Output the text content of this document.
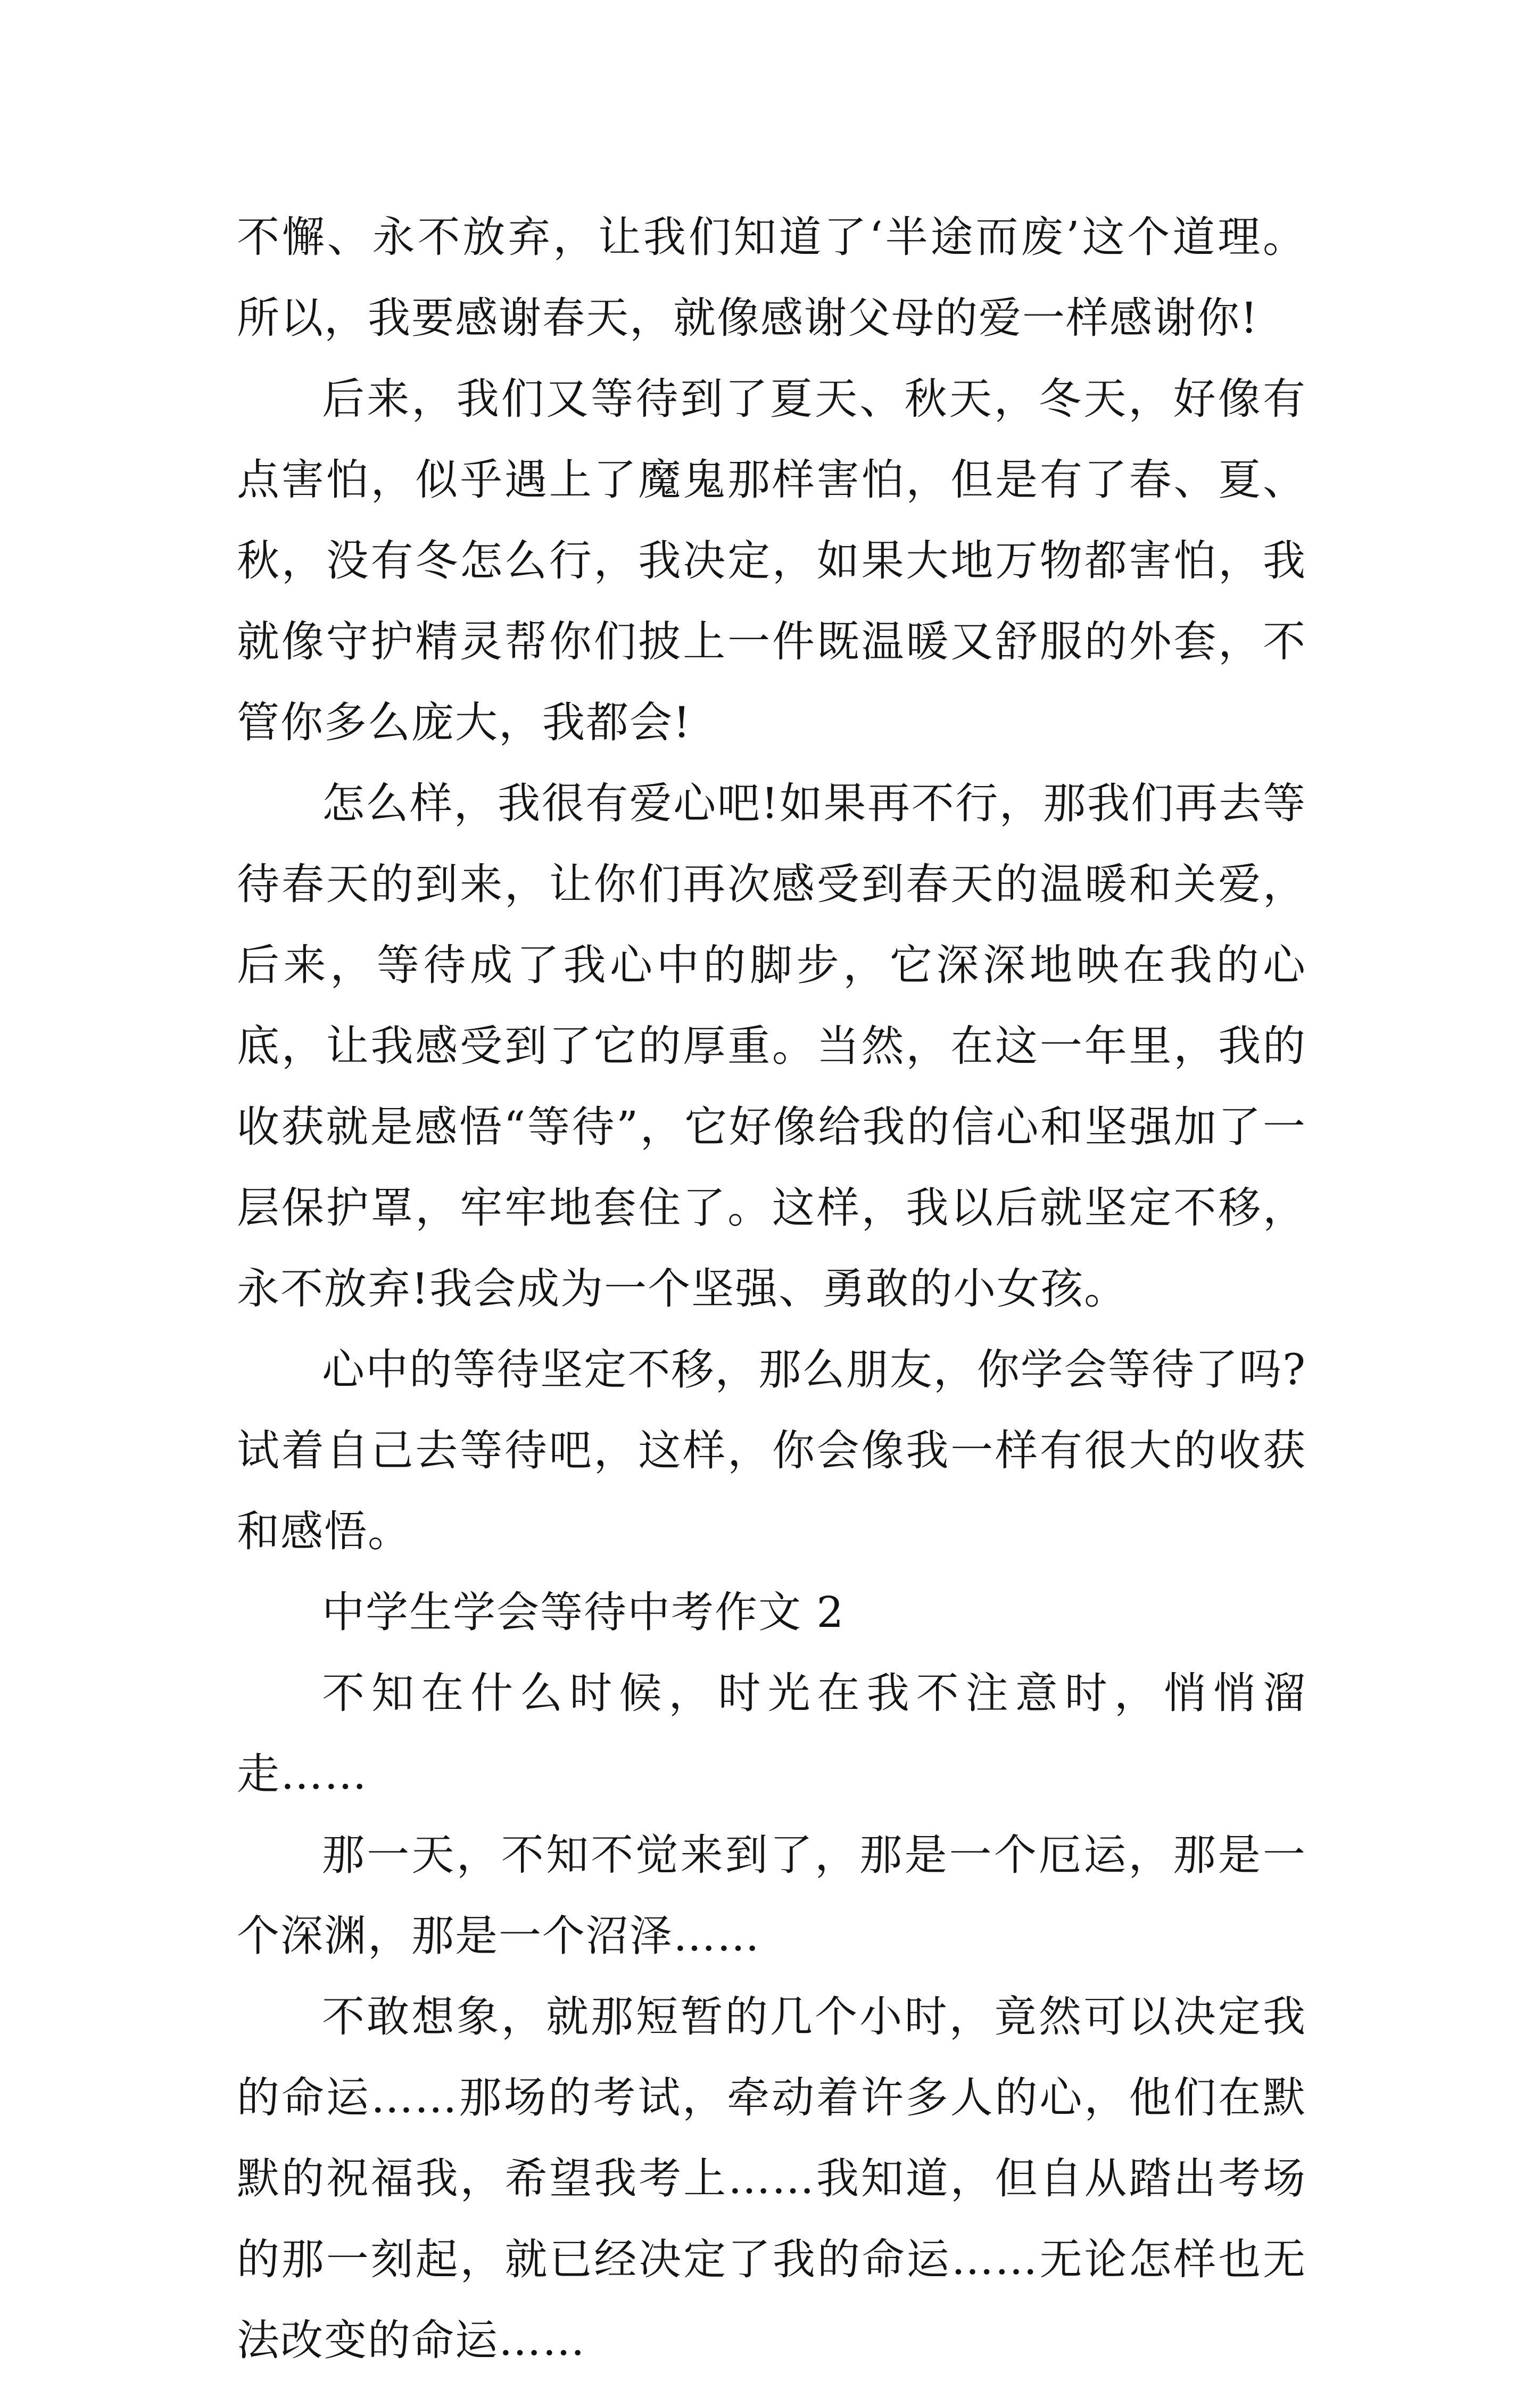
不懈、永不放弃，让我们知道了‘半途而废’这个道理。所以，我要感谢春天，就像感谢父母的爱一样感谢你!

后来，我们又等待到了夏天、秋天，冬天，好像有点害怕，似乎遇上了魔鬼那样害怕，但是有了春、夏、秋，没有冬怎么行，我决定，如果大地万物都害怕，我就像守护精灵帮你们披上一件既温暖又舒服的外套，不管你多么庞大，我都会!

怎么样，我很有爱心吧!如果再不行，那我们再去等待春天的到来，让你们再次感受到春天的温暖和关爱，后来，等待成了我心中的脚步，它深深地映在我的心底，让我感受到了它的厚重。当然，在这一年里，我的收获就是感悟“等待”，它好像给我的信心和坚强加了一层保护罩，牢牢地套住了。这样，我以后就坚定不移，永不放弃!我会成为一个坚强、勇敢的小女孩。

心中的等待坚定不移，那么朋友，你学会等待了吗?试着自己去等待吧，这样，你会像我一样有很大的收获和感悟。

中学生学会等待中考作文 2

不知在什么时候，时光在我不注意时，悄悄溜走……

那一天，不知不觉来到了，那是一个厄运，那是一个深渊，那是一个沼泽……

不敢想象，就那短暂的几个小时，竟然可以决定我的命运……那场的考试，牵动着许多人的心，他们在默默的祝福我，希望我考上……我知道，但自从踏出考场的那一刻起，就已经决定了我的命运……无论怎样也无法改变的命运……
